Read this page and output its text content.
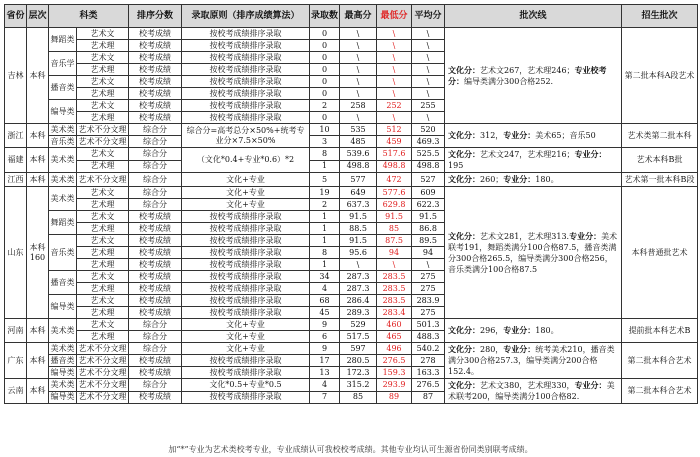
省份	层次	科类		排序分数	录取原则（排序成绩算法）	录取数	最高分	最低分	平均分	批次线	招生批次
吉林	本科	舞蹈类	艺术文	校考成绩	按校考成绩排序录取	0	\	\	\	文化分：艺术文267，艺术理246；专业校考分：编导类满分300合格252.	第二批本科A段艺术
			艺术理	校考成绩	按校考成绩排序录取	0	\	\	\		
		音乐学	艺术文	校考成绩	按校考成绩排序录取	0	\	\	\		
			艺术理	校考成绩	按校考成绩排序录取	0	\	\	\		
		播音类	艺术文	校考成绩	按校考成绩排序录取	0	\	\	\		
			艺术理	校考成绩	按校考成绩排序录取	0	\	\	\		
		编导类	艺术文	校考成绩	按校考成绩排序录取	2	258	252	255		
			艺术理	校考成绩	按校考成绩排序录取	0	\	\	\		
浙江	本科	美术类	艺术不分文理	综合分	综合分=高考总分×50%+统考专业分×7.5×50%	10	535	512	520	文化分：312，专业分：美术65；音乐50	艺术类第二批本科
		音乐类	艺术不分文理	综合分		3	485	459	469.3		
福建	本科	美术类	艺术文	综合分	（文化*0.4+专业*0.6）*2	8	539.6	517.6	525.5	文化分：艺术文247，艺术理216；专业分：195	艺术本科B批
			艺术理	综合分		1	498.8	498.8	498.8		
江西	本科	美术类	艺术不分文理	综合分	文化+专业	5	577	472	527	文化分：260；专业分：180。	艺术第一批本科B段
山东	本科160	美术类	艺术文	综合分	文化+专业	19	649	577.6	609	文化分：艺术文281，艺术理313.专业分：美术联考191，舞蹈类满分100合格87.5，播音类满分300合格265.5，编导类满分300合格256，音乐类满分100合格87.5	本科普通批艺术
			艺术理	综合分	文化+专业	2	637.3	629.8	622.3		
		舞蹈类	艺术文	校考成绩	按校考成绩排序录取	1	91.5	91.5	91.5		
			艺术理	校考成绩	按校考成绩排序录取	1	88.5	85	86.8		
		音乐类	艺术文	校考成绩	按校考成绩排序录取	1	91.5	87.5	89.5		
			艺术理	校考成绩	按校考成绩排序录取	8	95.6	94	94		
			艺术理	校考成绩	按校考成绩排序录取	1	\	\	\		
		播音类	艺术文	校考成绩	按校考成绩排序录取	34	287.3	283.5	275		
			艺术理	校考成绩	按校考成绩排序录取	4	287.3	283.5	275		
		编导类	艺术文	校考成绩	按校考成绩排序录取	68	286.4	283.5	283.9		
			艺术理	校考成绩	按校考成绩排序录取	45	289.3	283.4	275		
河南	本科	美术类	艺术文	综合分	文化+专业	9	529	460	501.3	文化分：296，专业分：180。	提前批本科艺术B
			艺术理	综合分	文化+专业	6	517.5	465	488.3		
广东	本科	美术类	艺术不分文理	综合分	文化+专业	9	597	496	540.2	文化分：280，专业分：统考美术210，播音类满分300合格257.3，编导类满分200合格152.4。	第二批本科合艺术
		播音类	艺术不分文理	校考成绩	按校考成绩排序录取	17	280.5	276.5	278		
		编导类	艺术不分文理	校考成绩	按校考成绩排序录取	13	172.3	159.3	163.3		
云南	本科	美术类	艺术不分文理	综合分	文化*0.5+专业*0.5	4	315.2	293.9	276.5	文化分：艺术文380，艺术理330，专业分：美术联考200，编导类满分100合格82.	第二批本科合艺术
		编导类	艺术不分文理	校考成绩	按校考成绩排序录取	7	85	89	87		
加“*”专业为艺术类校考专业，专业成绩认可我校校考成绩。其他专业均认可生源省份同类别联考成绩。
